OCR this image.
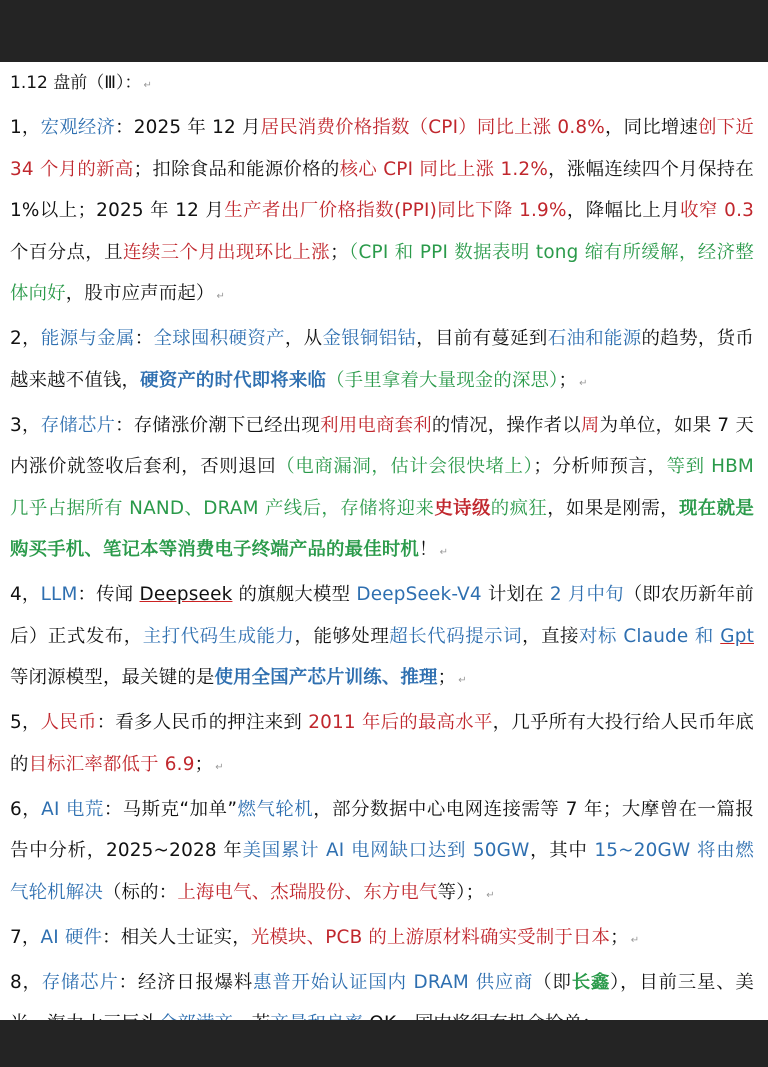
1.12 盘前（Ⅲ）： ↵
1，宏观经济：2025 年 12 月居民消费价格指数（CPI）同比上涨 0.8%，同比增速创下近 34 个月的新高；扣除食品和能源价格的核心 CPI 同比上涨 1.2%，涨幅连续四个月保持在 1%以上；2025 年 12 月生产者出厂价格指数(PPI)同比下降 1.9%，降幅比上月收窄 0.3 个百分点，且连续三个月出现环比上涨；（CPI 和 PPI 数据表明 tong 缩有所缓解，经济整体向好，股市应声而起） ↵
2，能源与金属：全球囤积硬资产，从金银铜铝钴，目前有蔓延到石油和能源的趋势，货币越来越不值钱，硬资产的时代即将来临（手里拿着大量现金的深思）； ↵
3，存储芯片：存储涨价潮下已经出现利用电商套利的情况，操作者以周为单位，如果 7 天内涨价就签收后套利，否则退回（电商漏洞，估计会很快堵上）；分析师预言，等到 HBM 几乎占据所有 NAND、DRAM 产线后，存储将迎来史诗级的疯狂，如果是刚需，现在就是购买手机、笔记本等消费电子终端产品的最佳时机！ ↵
4，LLM：传闻 Deepseek 的旗舰大模型 DeepSeek-V4 计划在 2 月中旬（即农历新年前后）正式发布，主打代码生成能力，能够处理超长代码提示词，直接对标 Claude 和 Gpt 等闭源模型，最关键的是使用全国产芯片训练、推理； ↵
5，人民币：看多人民币的押注来到 2011 年后的最高水平，几乎所有大投行给人民币年底的目标汇率都低于 6.9； ↵
6，AI 电荒：马斯克“加单”燃气轮机，部分数据中心电网连接需等 7 年；大摩曾在一篇报告中分析，2025~2028 年美国累计 AI 电网缺口达到 50GW，其中 15~20GW 将由燃气轮机解决（标的：上海电气、杰瑞股份、东方电气等）； ↵
7，AI 硬件：相关人士证实，光模块、PCB 的上游原材料确实受制于日本； ↵
8，存储芯片：经济日报爆料惠普开始认证国内 DRAM 供应商（即长鑫），目前三星、美
